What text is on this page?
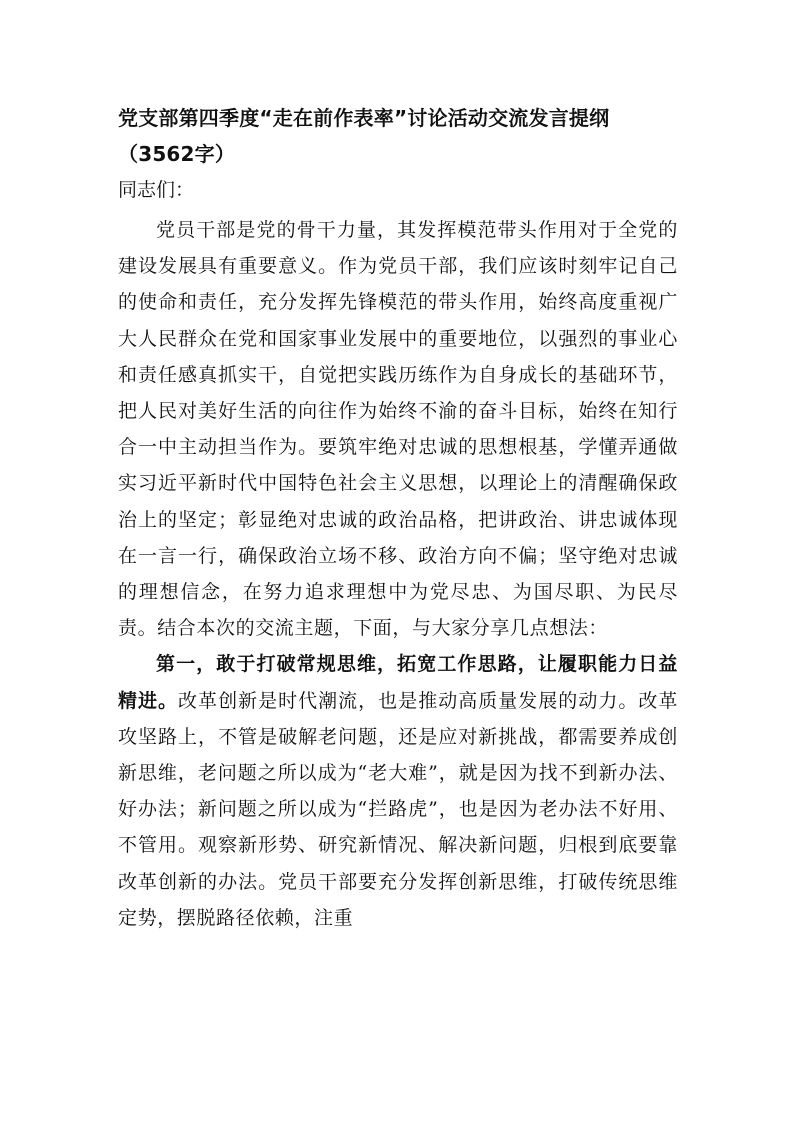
党支部第四季度“走在前作表率”讨论活动交流发言提纲（3562字）

同志们：

党员干部是党的骨干力量，其发挥模范带头作用对于全党的建设发展具有重要意义。作为党员干部，我们应该时刻牢记自己的使命和责任，充分发挥先锋模范的带头作用，始终高度重视广大人民群众在党和国家事业发展中的重要地位，以强烈的事业心和责任感真抓实干，自觉把实践历练作为自身成长的基础环节，把人民对美好生活的向往作为始终不渝的奋斗目标，始终在知行合一中主动担当作为。要筑牢绝对忠诚的思想根基，学懂弄通做实习近平新时代中国特色社会主义思想，以理论上的清醒确保政治上的坚定；彰显绝对忠诚的政治品格，把讲政治、讲忠诚体现在一言一行，确保政治立场不移、政治方向不偏；坚守绝对忠诚的理想信念，在努力追求理想中为党尽忠、为国尽职、为民尽责。结合本次的交流主题，下面，与大家分享几点想法：

第一，敢于打破常规思维，拓宽工作思路，让履职能力日益精进。改革创新是时代潮流，也是推动高质量发展的动力。改革攻坚路上，不管是破解老问题，还是应对新挑战，都需要养成创新思维，老问题之所以成为“老大难”，就是因为找不到新办法、好办法；新问题之所以成为“拦路虎”，也是因为老办法不好用、不管用。观察新形势、研究新情况、解决新问题，归根到底要靠改革创新的办法。党员干部要充分发挥创新思维，打破传统思维定势，摆脱路径依赖，注重
